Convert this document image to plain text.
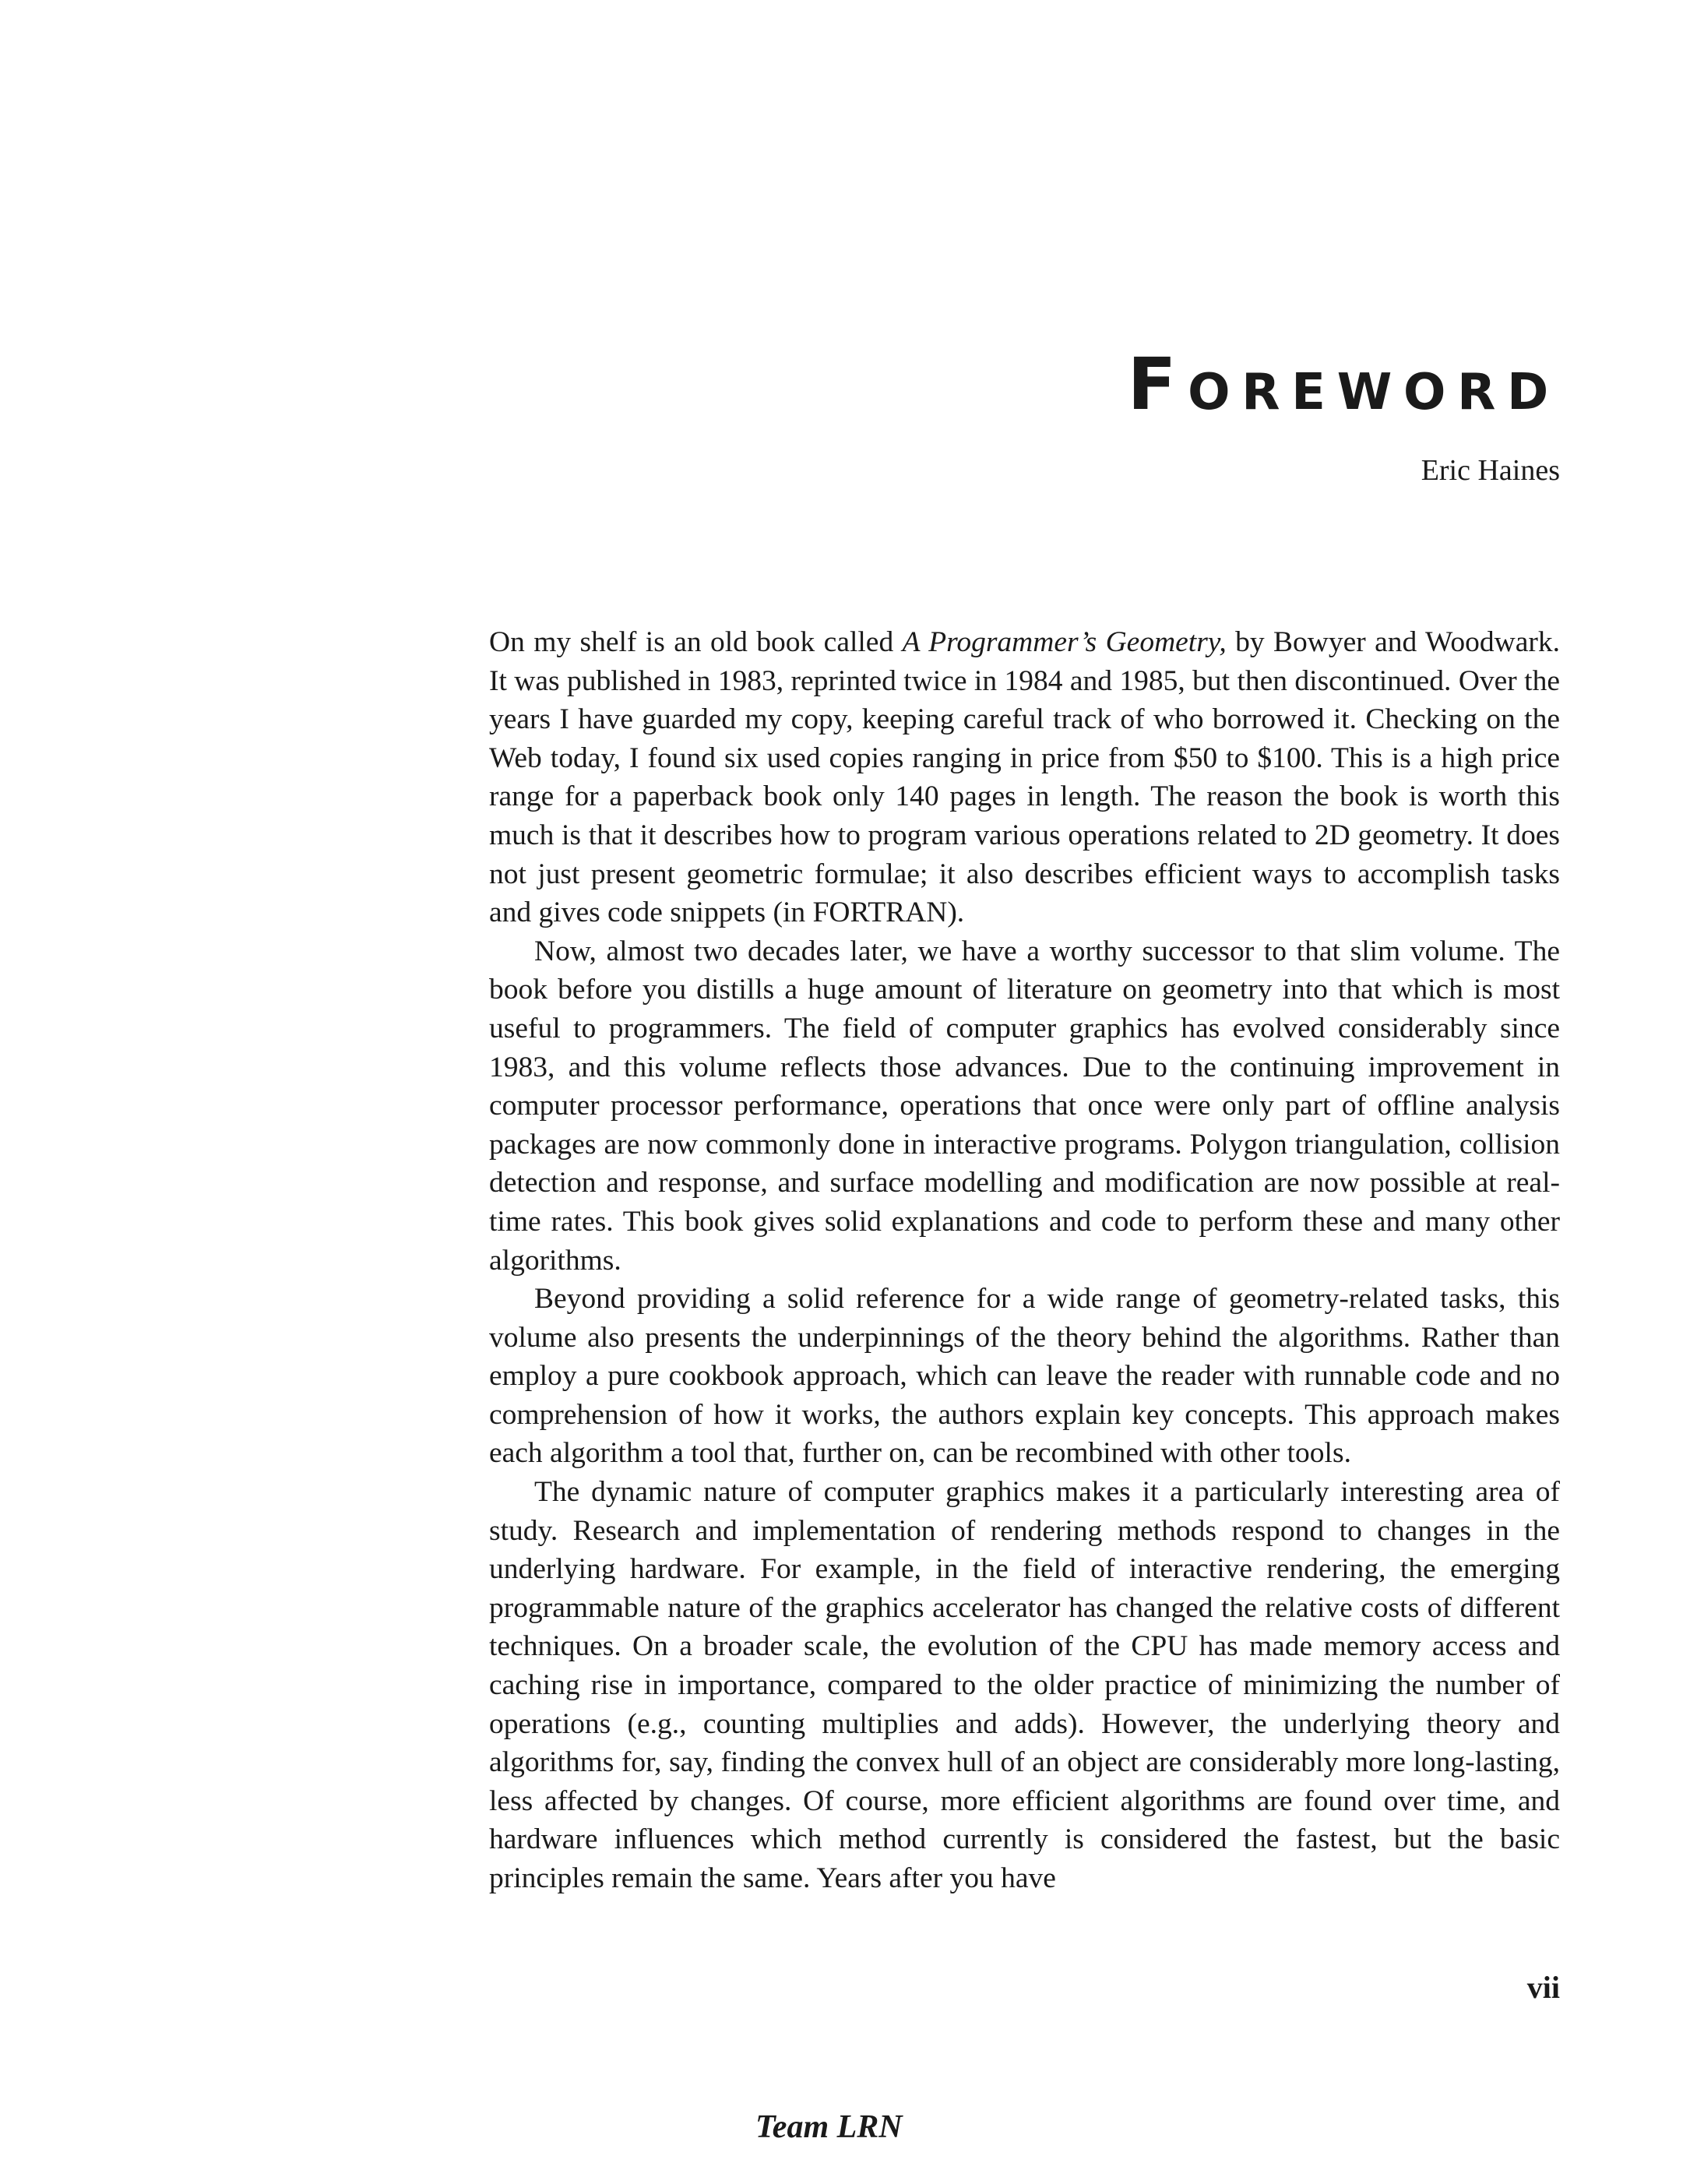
Foreword
Eric Haines

On my shelf is an old book called A Programmer’s Geometry, by Bowyer and Woodwark. It was published in 1983, reprinted twice in 1984 and 1985, but then discontinued. Over the years I have guarded my copy, keeping careful track of who borrowed it. Checking on the Web today, I found six used copies ranging in price from $50 to $100. This is a high price range for a paperback book only 140 pages in length. The reason the book is worth this much is that it describes how to program various operations related to 2D geometry. It does not just present geometric formulae; it also describes efficient ways to accomplish tasks and gives code snippets (in FORTRAN).

Now, almost two decades later, we have a worthy successor to that slim volume. The book before you distills a huge amount of literature on geometry into that which is most useful to programmers. The field of computer graphics has evolved considerably since 1983, and this volume reflects those advances. Due to the continuing improvement in computer processor performance, operations that once were only part of offline analysis packages are now commonly done in interactive programs. Polygon triangulation, collision detection and response, and surface modelling and modification are now possible at real-time rates. This book gives solid explanations and code to perform these and many other algorithms.

Beyond providing a solid reference for a wide range of geometry-related tasks, this volume also presents the underpinnings of the theory behind the algorithms. Rather than employ a pure cookbook approach, which can leave the reader with runnable code and no comprehension of how it works, the authors explain key concepts. This approach makes each algorithm a tool that, further on, can be recombined with other tools.

The dynamic nature of computer graphics makes it a particularly interesting area of study. Research and implementation of rendering methods respond to changes in the underlying hardware. For example, in the field of interactive rendering, the emerging programmable nature of the graphics accelerator has changed the relative costs of different techniques. On a broader scale, the evolution of the CPU has made memory access and caching rise in importance, compared to the older practice of minimizing the number of operations (e.g., counting multiplies and adds). However, the underlying theory and algorithms for, say, finding the convex hull of an object are considerably more long-lasting, less affected by changes. Of course, more efficient algorithms are found over time, and hardware influences which method currently is considered the fastest, but the basic principles remain the same. Years after you have

vii
Team LRN
